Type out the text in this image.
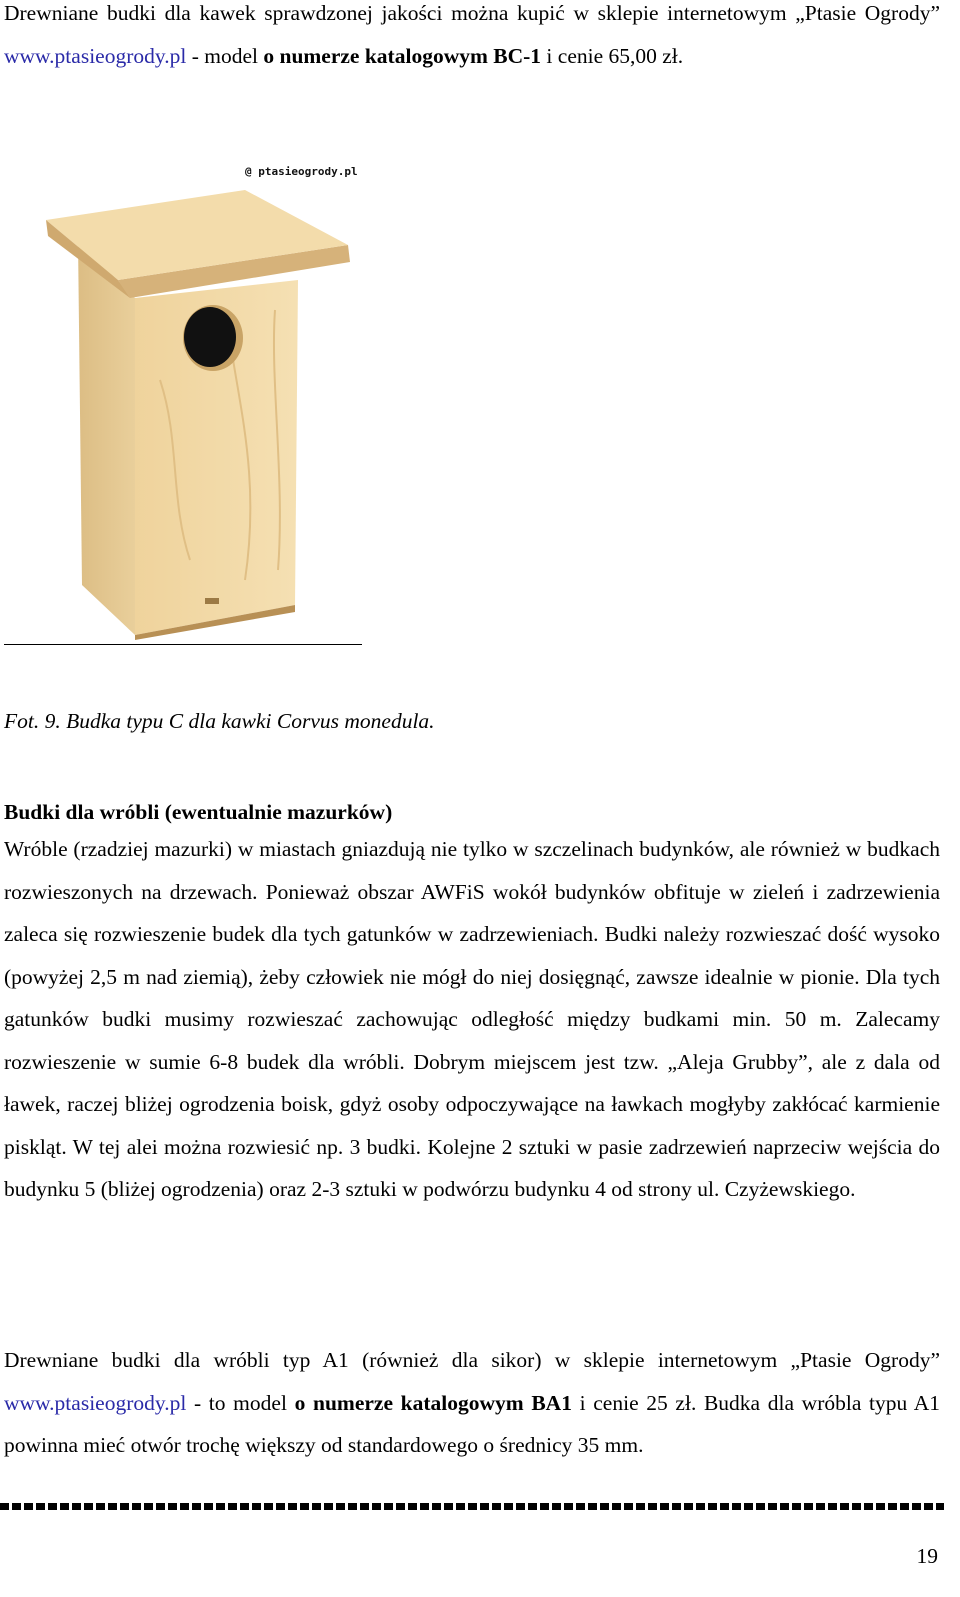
Drewniane budki dla kawek sprawdzonej jakości można kupić w sklepie internetowym „Ptasie Ogrody” www.ptasieogrody.pl - model o numerze katalogowym BC-1 i cenie 65,00 zł.

@ ptasieogrody.pl

Fot. 9. Budka typu C dla kawki Corvus monedula.

Budki dla wróbli (ewentualnie mazurków)

Wróble (rzadziej mazurki) w miastach gniazdują nie tylko w szczelinach budynków, ale również w budkach rozwieszonych na drzewach. Ponieważ obszar AWFiS wokół budynków obfituje w zieleń i zadrzewienia zaleca się rozwieszenie budek dla tych gatunków w zadrzewieniach. Budki należy rozwieszać dość wysoko (powyżej 2,5 m nad ziemią), żeby człowiek nie mógł do niej dosięgnąć, zawsze idealnie w pionie. Dla tych gatunków budki musimy rozwieszać zachowując odległość między budkami min. 50 m. Zalecamy rozwieszenie w sumie 6-8 budek dla wróbli. Dobrym miejscem jest tzw. „Aleja Grubby”, ale z dala od ławek, raczej bliżej ogrodzenia boisk, gdyż osoby odpoczywające na ławkach mogłyby zakłócać karmienie piskląt. W tej alei można rozwiesić np. 3 budki. Kolejne 2 sztuki w pasie zadrzewień naprzeciw wejścia do budynku 5 (bliżej ogrodzenia) oraz 2-3 sztuki w podwórzu budynku 4 od strony ul. Czyżewskiego.

Drewniane budki dla wróbli typ A1 (również dla sikor) w sklepie internetowym „Ptasie Ogrody” www.ptasieogrody.pl - to model o numerze katalogowym BA1 i cenie 25 zł. Budka dla wróbla typu A1 powinna mieć otwór trochę większy od standardowego o średnicy 35 mm.

19
